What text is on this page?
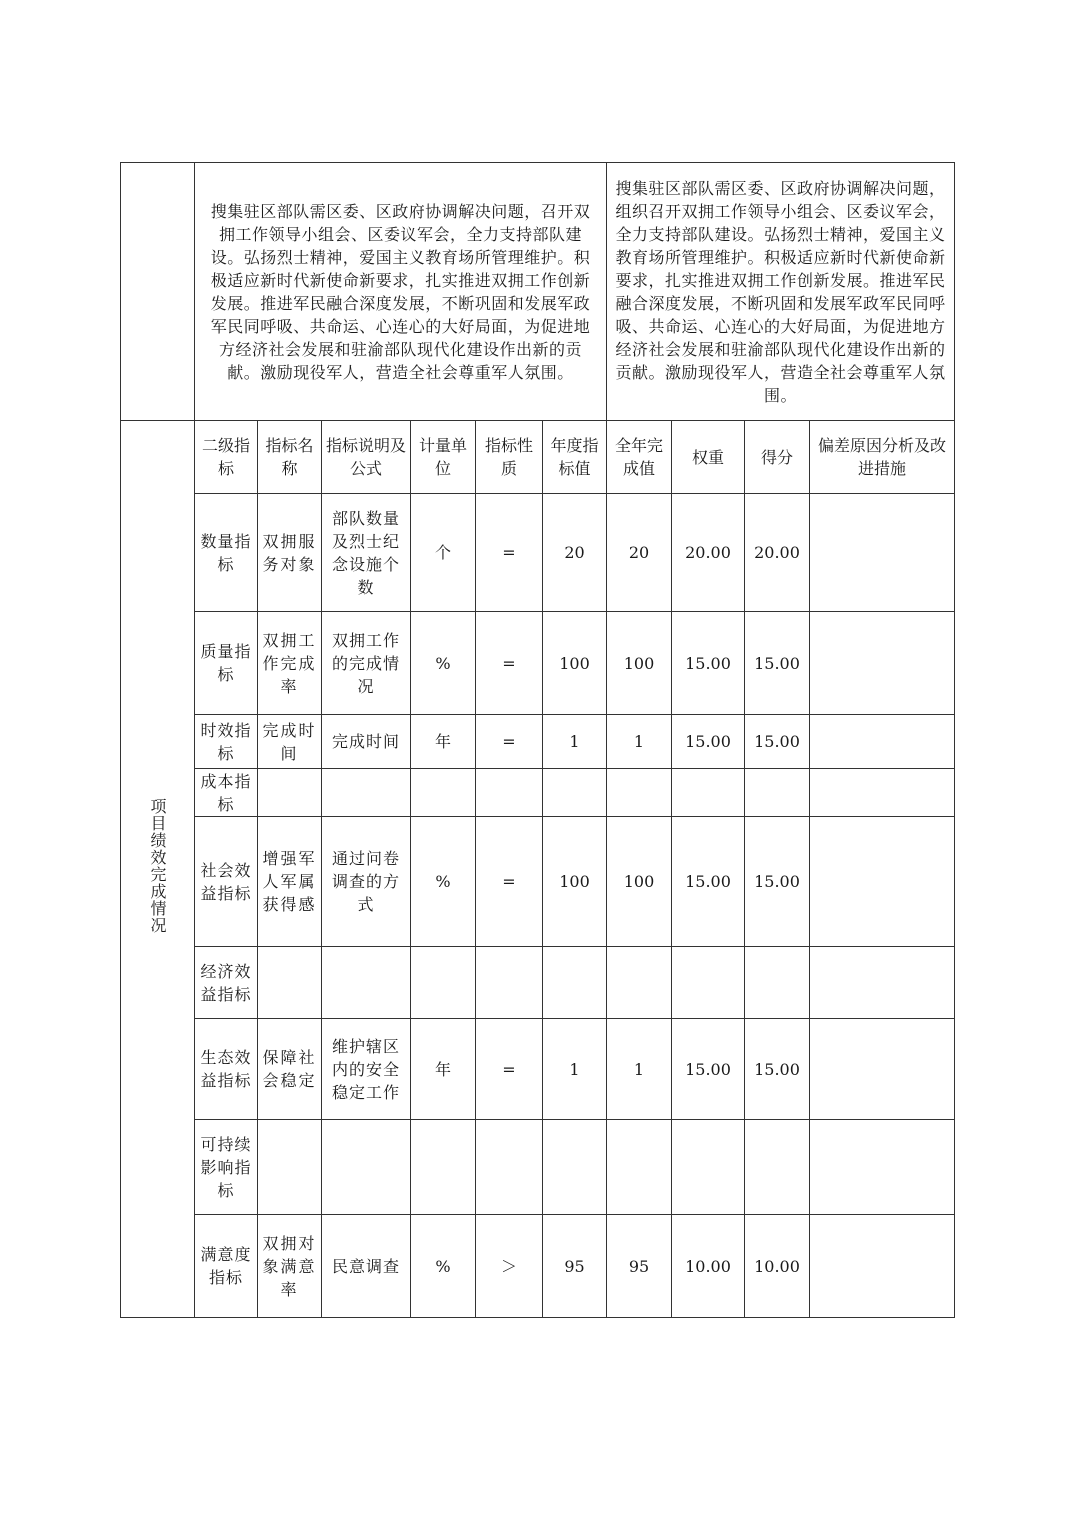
	搜集驻区部队需区委、区政府协调解决问题，召开双拥工作领导小组会、区委议军会，全力支持部队建设。弘扬烈士精神，爱国主义教育场所管理维护。积极适应新时代新使命新要求，扎实推进双拥工作创新发展。推进军民融合深度发展，不断巩固和发展军政军民同呼吸、共命运、心连心的大好局面，为促进地方经济社会发展和驻渝部队现代化建设作出新的贡献。激励现役军人，营造全社会尊重军人氛围。						搜集驻区部队需区委、区政府协调解决问题，组织召开双拥工作领导小组会、区委议军会，全力支持部队建设。弘扬烈士精神，爱国主义教育场所管理维护。积极适应新时代新使命新要求，扎实推进双拥工作创新发展。推进军民融合深度发展，不断巩固和发展军政军民同呼吸、共命运、心连心的大好局面，为促进地方经济社会发展和驻渝部队现代化建设作出新的贡献。激励现役军人，营造全社会尊重军人氛围。			
项目绩效完成情况	二级指标	指标名称	指标说明及公式	计量单位	指标性质	年度指标值	全年完成值	权重	得分	偏差原因分析及改进措施
	数量指标	双拥服务对象	部队数量及烈士纪念设施个数	个	=	20	20	20.00	20.00	
	质量指标	双拥工作完成率	双拥工作的完成情况	%	=	100	100	15.00	15.00	
	时效指标	完成时间	完成时间	年	=	1	1	15.00	15.00	
	成本指标									
	社会效益指标	增强军人军属获得感	通过问卷调查的方式	%	=	100	100	15.00	15.00	
	经济效益指标									
	生态效益指标	保障社会稳定	维护辖区内的安全稳定工作	年	=	1	1	15.00	15.00	
	可持续影响指标									
	满意度指标	双拥对象满意率	民意调查	%	＞	95	95	10.00	10.00	
